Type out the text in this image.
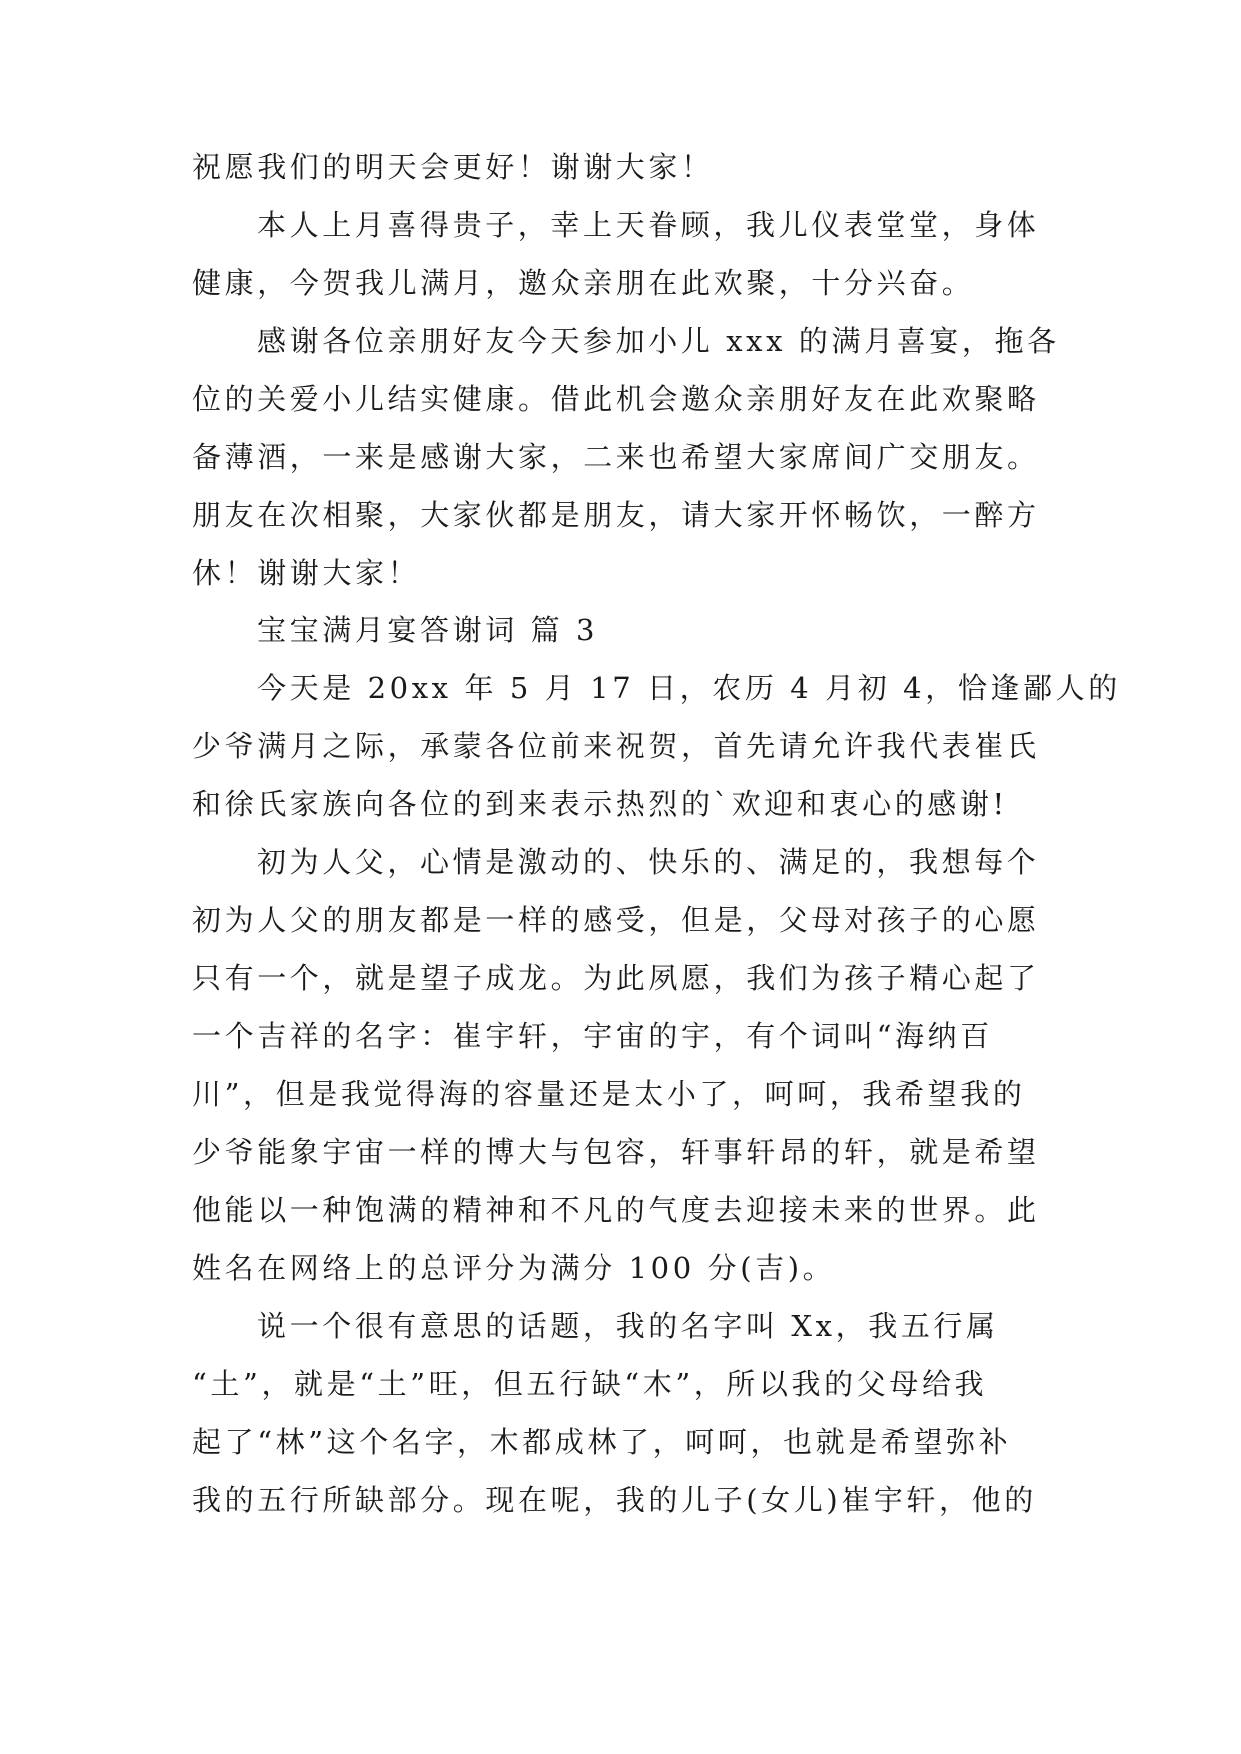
祝愿我们的明天会更好！谢谢大家！

本人上月喜得贵子，幸上天眷顾，我儿仪表堂堂，身体

健康，今贺我儿满月，邀众亲朋在此欢聚，十分兴奋。

感谢各位亲朋好友今天参加小儿 xxx 的满月喜宴，拖各

位的关爱小儿结实健康。借此机会邀众亲朋好友在此欢聚略

备薄酒，一来是感谢大家，二来也希望大家席间广交朋友。

朋友在次相聚，大家伙都是朋友，请大家开怀畅饮，一醉方

休！谢谢大家！

宝宝满月宴答谢词 篇 3

今天是 20xx 年 5 月 17 日，农历 4 月初 4，恰逢鄙人的

少爷满月之际，承蒙各位前来祝贺，首先请允许我代表崔氏

和徐氏家族向各位的到来表示热烈的`欢迎和衷心的感谢!

初为人父，心情是激动的、快乐的、满足的，我想每个

初为人父的朋友都是一样的感受，但是，父母对孩子的心愿

只有一个，就是望子成龙。为此夙愿，我们为孩子精心起了

一个吉祥的名字：崔宇轩，宇宙的宇，有个词叫“海纳百

川”，但是我觉得海的容量还是太小了，呵呵，我希望我的

少爷能象宇宙一样的博大与包容，轩事轩昂的轩，就是希望

他能以一种饱满的精神和不凡的气度去迎接未来的世界。此

姓名在网络上的总评分为满分 100 分(吉)。

说一个很有意思的话题，我的名字叫 Xx，我五行属

“土”，就是“土”旺，但五行缺“木”，所以我的父母给我

起了“林”这个名字，木都成林了，呵呵，也就是希望弥补

我的五行所缺部分。现在呢，我的儿子(女儿)崔宇轩，他的
